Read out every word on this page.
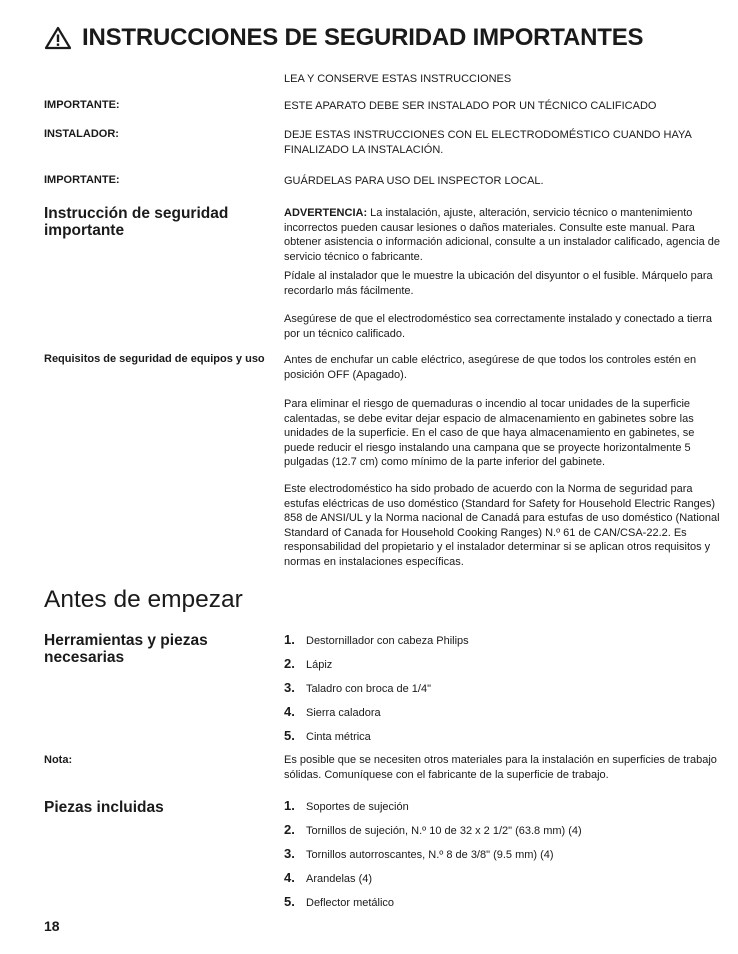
INSTRUCCIONES DE SEGURIDAD IMPORTANTES
LEA Y CONSERVE ESTAS INSTRUCCIONES
IMPORTANTE:	ESTE APARATO DEBE SER INSTALADO POR UN TÉCNICO CALIFICADO
INSTALADOR:	DEJE ESTAS INSTRUCCIONES CON EL ELECTRODOMÉSTICO CUANDO HAYA FINALIZADO LA INSTALACIÓN.
IMPORTANTE:	GUÁRDELAS PARA USO DEL INSPECTOR LOCAL.
Instrucción de seguridad importante
ADVERTENCIA: La instalación, ajuste, alteración, servicio técnico o mantenimiento incorrectos pueden causar lesiones o daños materiales. Consulte este manual. Para obtener asistencia o información adicional, consulte a un instalador calificado, agencia de servicio técnico o fabricante.
Pídale al instalador que le muestre la ubicación del disyuntor o el fusible. Márquelo para recordarlo más fácilmente.
Asegúrese de que el electrodoméstico sea correctamente instalado y conectado a tierra por un técnico calificado.
Requisitos de seguridad de equipos y uso	Antes de enchufar un cable eléctrico, asegúrese de que todos los controles estén en posición OFF (Apagado).
Para eliminar el riesgo de quemaduras o incendio al tocar unidades de la superficie calentadas, se debe evitar dejar espacio de almacenamiento en gabinetes sobre las unidades de la superficie. En el caso de que haya almacenamiento en gabinetes, se puede reducir el riesgo instalando una campana que se proyecte horizontalmente 5 pulgadas (12.7 cm) como mínimo de la parte inferior del gabinete.
Este electrodoméstico ha sido probado de acuerdo con la Norma de seguridad para estufas eléctricas de uso doméstico (Standard for Safety for Household Electric Ranges) 858 de ANSI/UL y la Norma nacional de Canadá para estufas de uso doméstico (National Standard of Canada for Household Cooking Ranges) N.º 61 de CAN/CSA-22.2. Es responsabilidad del propietario y el instalador determinar si se aplican otros requisitos y normas en instalaciones específicas.
Antes de empezar
Herramientas y piezas necesarias
1.	Destornillador con cabeza Philips
2.	Lápiz
3.	Taladro con broca de 1/4"
4.	Sierra caladora
5.	Cinta métrica
Nota:	Es posible que se necesiten otros materiales para la instalación en superficies de trabajo sólidas. Comuníquese con el fabricante de la superficie de trabajo.
Piezas incluidas	1.	Soportes de sujeción
2.	Tornillos de sujeción, N.º 10 de 32 x 2 1/2" (63.8 mm) (4)
3.	Tornillos autorroscantes, N.º 8 de 3/8" (9.5 mm) (4)
4.	Arandelas (4)
5.	Deflector metálico
18
